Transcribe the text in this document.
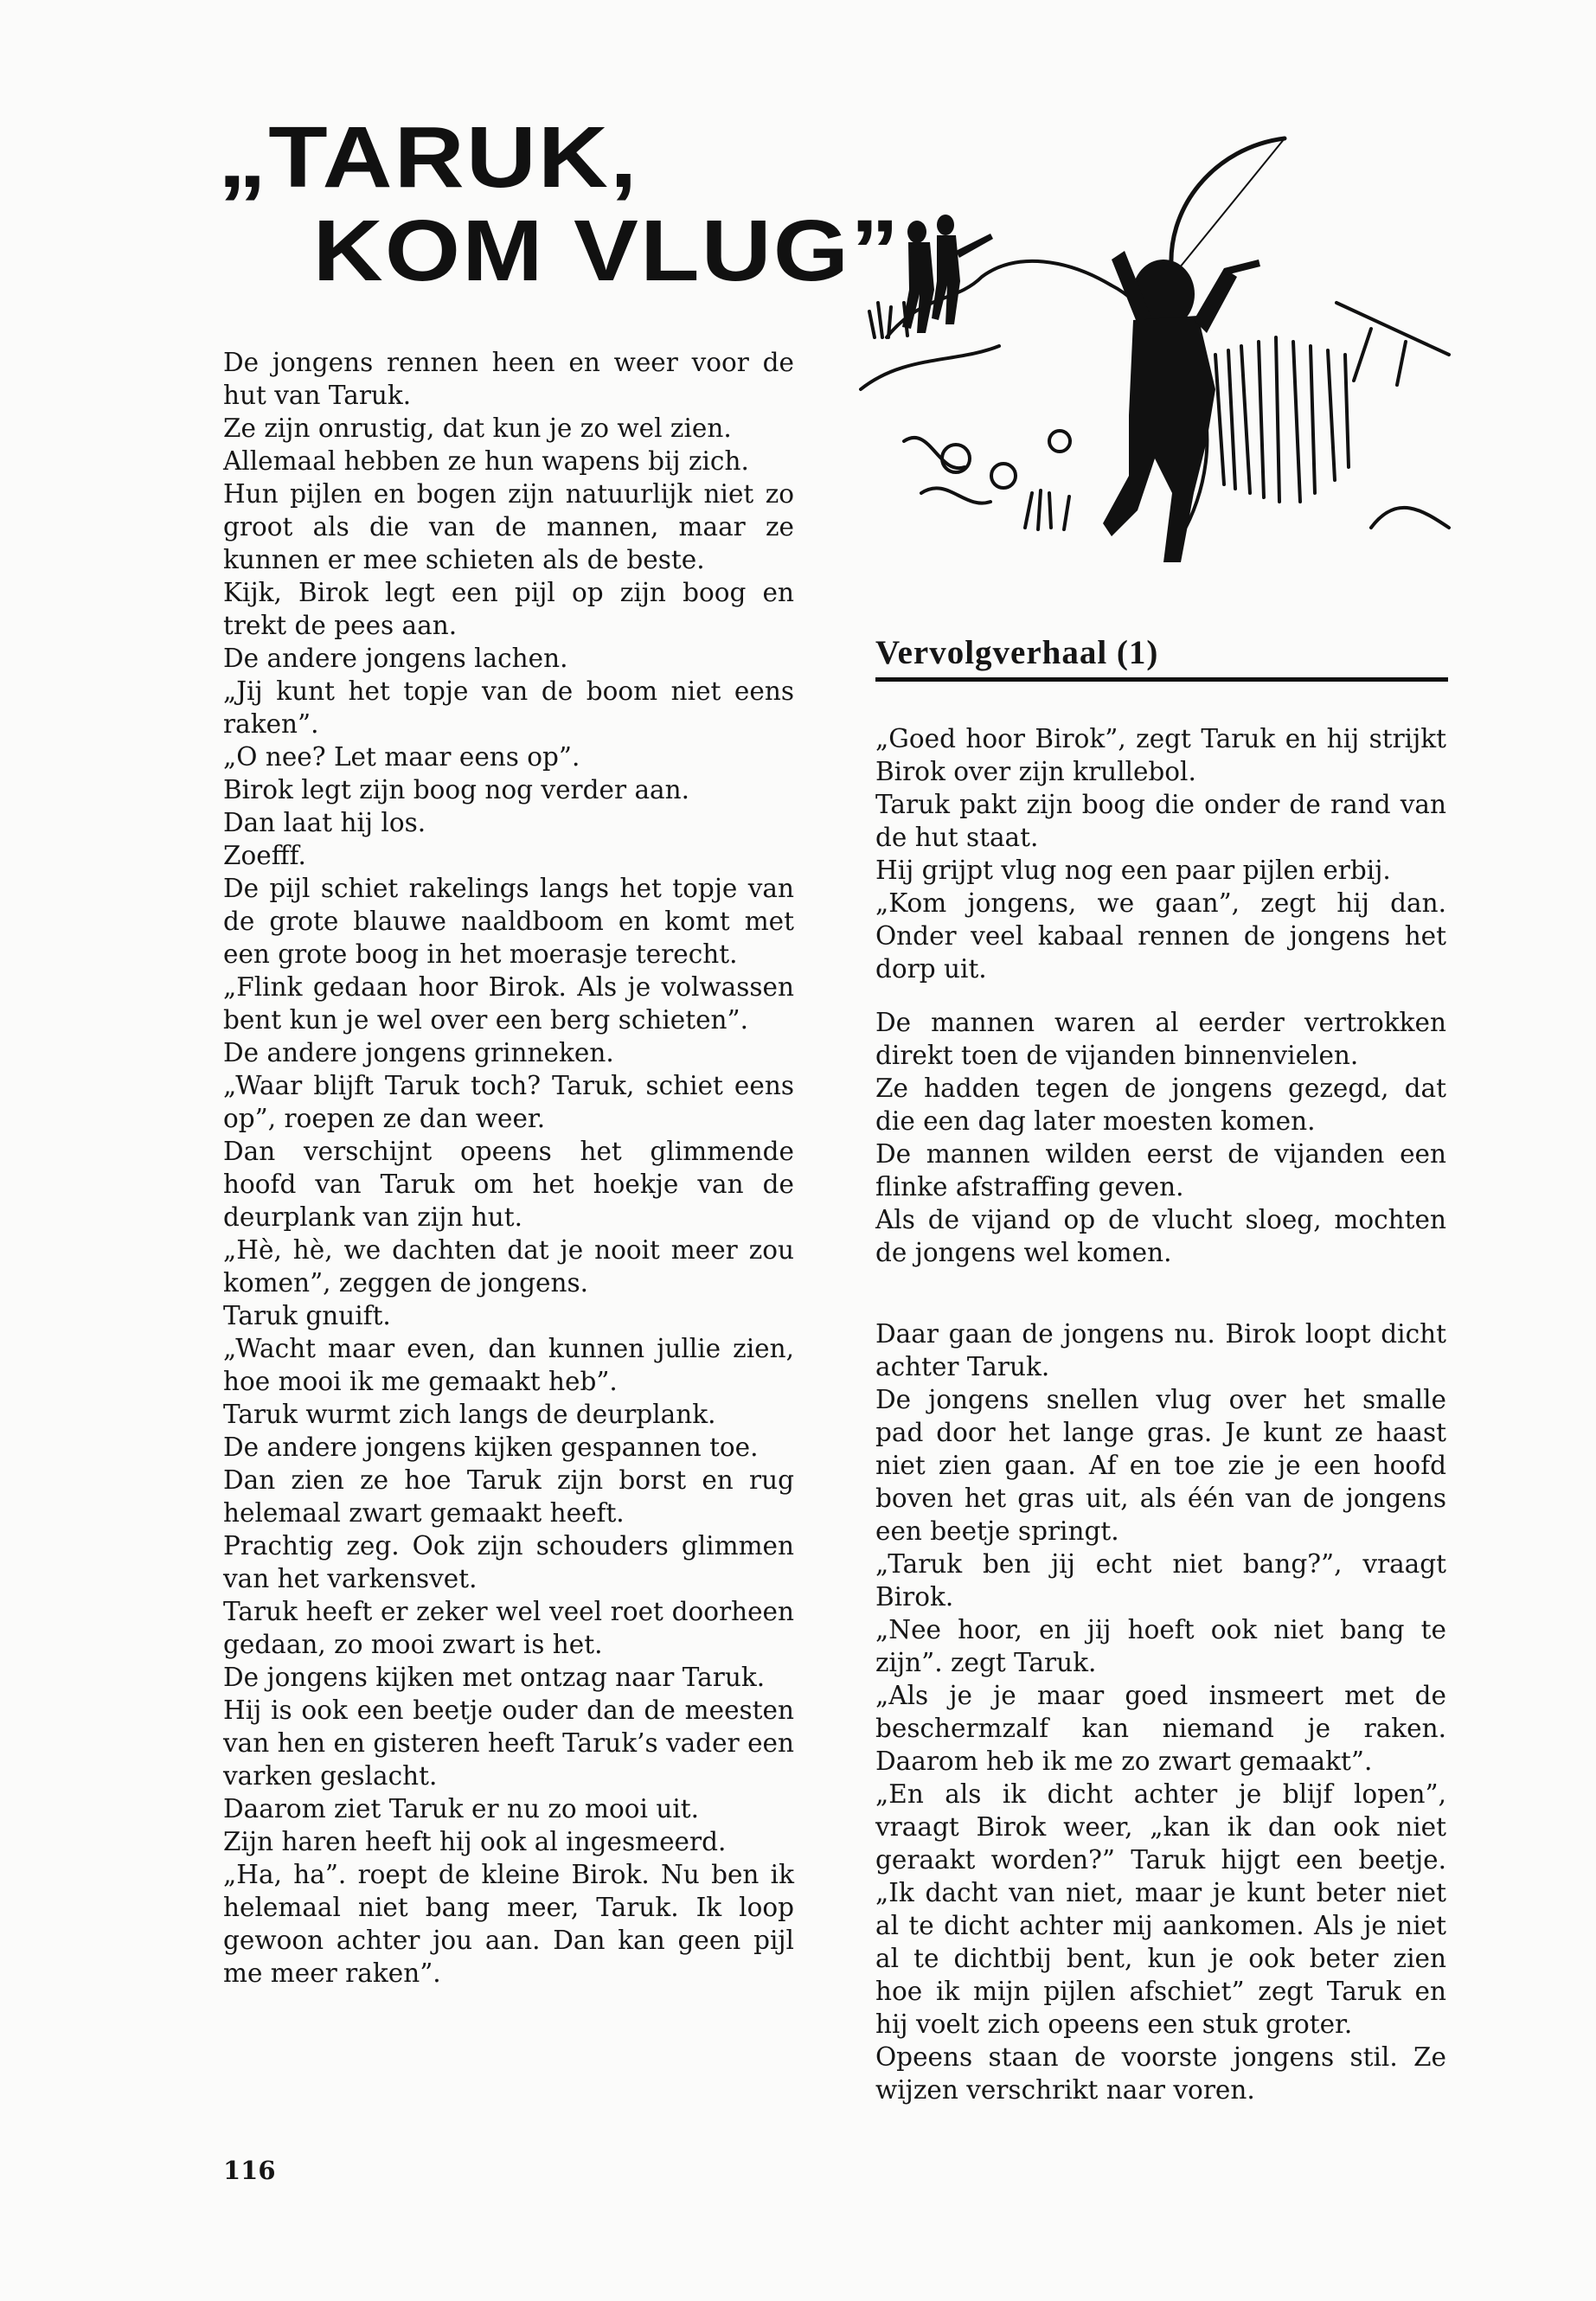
„TARUK,
KOM VLUG”
Vervolgverhaal (1)

De jongens rennen heen en weer voor de hut van Taruk.

Ze zijn onrustig, dat kun je zo wel zien.

Allemaal hebben ze hun wapens bij zich.

Hun pijlen en bogen zijn natuurlijk niet zo groot als die van de mannen, maar ze kunnen er mee schieten als de beste.

Kijk, Birok legt een pijl op zijn boog en trekt de pees aan.

De andere jongens lachen.

„Jij kunt het topje van de boom niet eens raken”.

„O nee? Let maar eens op”.

Birok legt zijn boog nog verder aan.

Dan laat hij los.

Zoefff.

De pijl schiet rakelings langs het topje van de grote blauwe naaldboom en komt met een grote boog in het moerasje terecht.

„Flink gedaan hoor Birok. Als je volwassen bent kun je wel over een berg schieten”.

De andere jongens grinneken.

„Waar blijft Taruk toch? Taruk, schiet eens op”, roepen ze dan weer.

Dan verschijnt opeens het glimmende hoofd van Taruk om het hoekje van de deurplank van zijn hut.

„Hè, hè, we dachten dat je nooit meer zou komen”, zeggen de jongens.

Taruk gnuift.

„Wacht maar even, dan kunnen jullie zien, hoe mooi ik me gemaakt heb”.

Taruk wurmt zich langs de deurplank.

De andere jongens kijken gespannen toe.

Dan zien ze hoe Taruk zijn borst en rug helemaal zwart gemaakt heeft.

Prachtig zeg. Ook zijn schouders glimmen van het varkensvet.

Taruk heeft er zeker wel veel roet doorheen gedaan, zo mooi zwart is het.

De jongens kijken met ontzag naar Taruk.

Hij is ook een beetje ouder dan de meesten van hen en gisteren heeft Taruk’s vader een varken geslacht.

Daarom ziet Taruk er nu zo mooi uit.

Zijn haren heeft hij ook al ingesmeerd.

„Ha, ha”. roept de kleine Birok. Nu ben ik helemaal niet bang meer, Taruk. Ik loop gewoon achter jou aan. Dan kan geen pijl me meer raken”.

„Goed hoor Birok”, zegt Taruk en hij strijkt Birok over zijn krullebol.

Taruk pakt zijn boog die onder de rand van de hut staat.

Hij grijpt vlug nog een paar pijlen erbij.

„Kom jongens, we gaan”, zegt hij dan. Onder veel kabaal rennen de jongens het dorp uit.

De mannen waren al eerder vertrokken direkt toen de vijanden binnenvielen.

Ze hadden tegen de jongens gezegd, dat die een dag later moesten komen.

De mannen wilden eerst de vijanden een flinke afstraffing geven.

Als de vijand op de vlucht sloeg, mochten de jongens wel komen.

Daar gaan de jongens nu. Birok loopt dicht achter Taruk.

De jongens snellen vlug over het smalle pad door het lange gras. Je kunt ze haast niet zien gaan. Af en toe zie je een hoofd boven het gras uit, als één van de jongens een beetje springt.

„Taruk ben jij echt niet bang?”, vraagt Birok.

„Nee hoor, en jij hoeft ook niet bang te zijn”. zegt Taruk.

„Als je je maar goed insmeert met de beschermzalf kan niemand je raken. Daarom heb ik me zo zwart gemaakt”.

„En als ik dicht achter je blijf lopen”, vraagt Birok weer, „kan ik dan ook niet geraakt worden?” Taruk hijgt een beetje. „Ik dacht van niet, maar je kunt beter niet al te dicht achter mij aankomen. Als je niet al te dichtbij bent, kun je ook beter zien hoe ik mijn pijlen afschiet” zegt Taruk en hij voelt zich opeens een stuk groter.

Opeens staan de voorste jongens stil. Ze wijzen verschrikt naar voren.

116
